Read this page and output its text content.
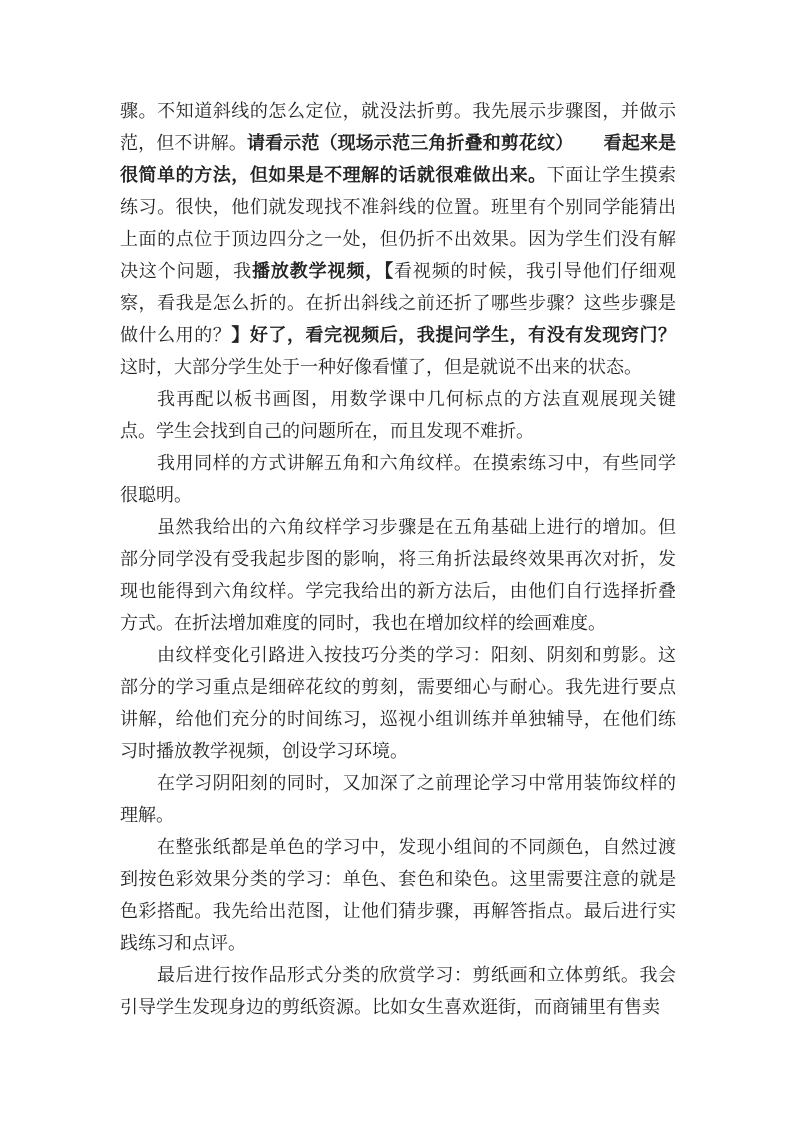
骤。不知道斜线的怎么定位，就没法折剪。我先展示步骤图，并做示范，但不讲解。请看示范（现场示范三角折叠和剪花纹） 看起来是很简单的方法，但如果是不理解的话就很难做出来。下面让学生摸索练习。很快，他们就发现找不准斜线的位置。班里有个别同学能猜出上面的点位于顶边四分之一处，但仍折不出效果。因为学生们没有解决这个问题，我播放教学视频，【看视频的时候，我引导他们仔细观察，看我是怎么折的。在折出斜线之前还折了哪些步骤？这些步骤是做什么用的？】好了，看完视频后，我提问学生，有没有发现窍门？这时，大部分学生处于一种好像看懂了，但是就说不出来的状态。

我再配以板书画图，用数学课中几何标点的方法直观展现关键点。学生会找到自己的问题所在，而且发现不难折。

我用同样的方式讲解五角和六角纹样。在摸索练习中，有些同学很聪明。

虽然我给出的六角纹样学习步骤是在五角基础上进行的增加。但部分同学没有受我起步图的影响，将三角折法最终效果再次对折，发现也能得到六角纹样。学完我给出的新方法后，由他们自行选择折叠方式。在折法增加难度的同时，我也在增加纹样的绘画难度。

由纹样变化引路进入按技巧分类的学习：阳刻、阴刻和剪影。这部分的学习重点是细碎花纹的剪刻，需要细心与耐心。我先进行要点讲解，给他们充分的时间练习，巡视小组训练并单独辅导，在他们练习时播放教学视频，创设学习环境。

在学习阴阳刻的同时，又加深了之前理论学习中常用装饰纹样的理解。

在整张纸都是单色的学习中，发现小组间的不同颜色，自然过渡到按色彩效果分类的学习：单色、套色和染色。这里需要注意的就是色彩搭配。我先给出范图，让他们猜步骤，再解答指点。最后进行实践练习和点评。

最后进行按作品形式分类的欣赏学习：剪纸画和立体剪纸。我会引导学生发现身边的剪纸资源。比如女生喜欢逛街，而商铺里有售卖
